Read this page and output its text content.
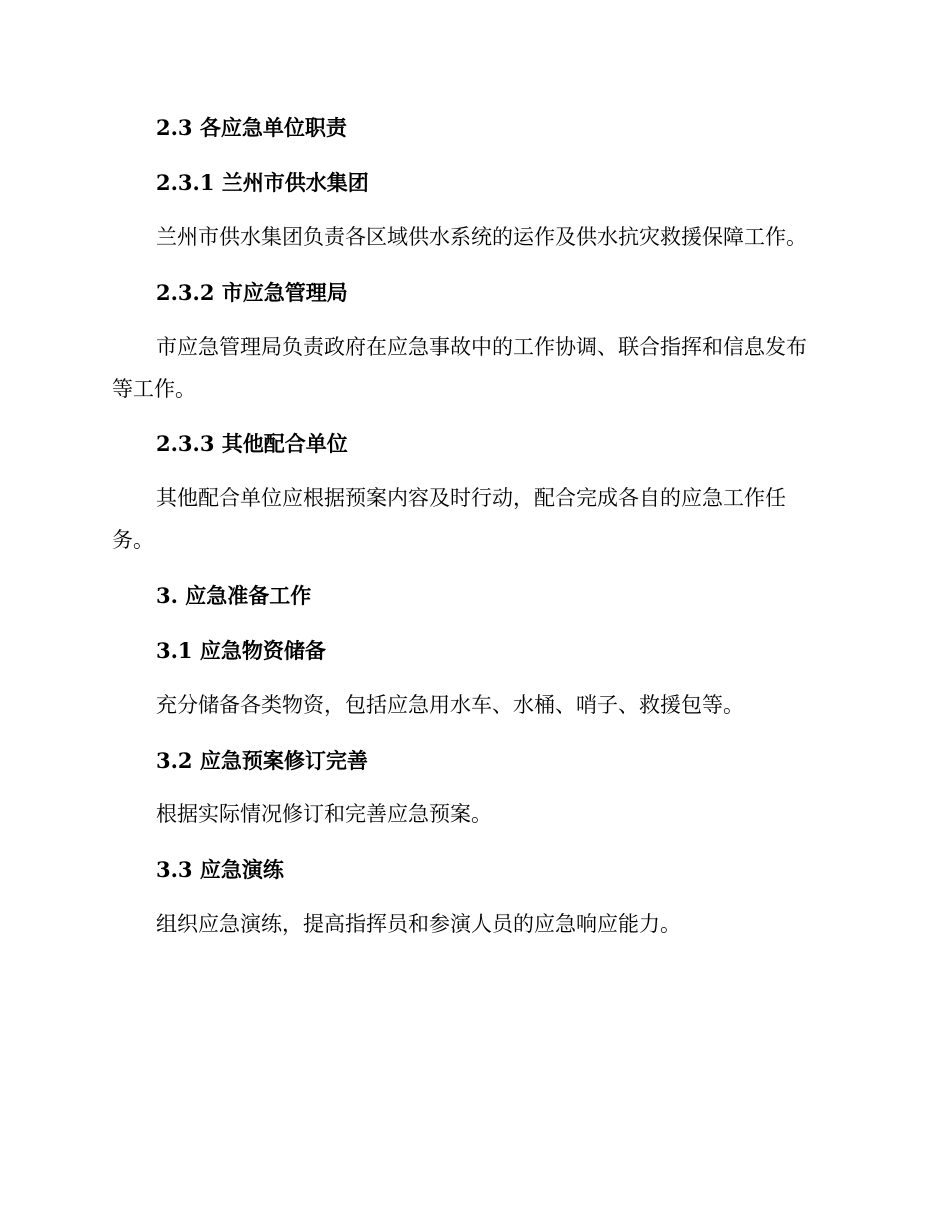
2.3 各应急单位职责
2.3.1 兰州市供水集团
兰州市供水集团负责各区域供水系统的运作及供水抗灾救援保障工作。
2.3.2 市应急管理局
市应急管理局负责政府在应急事故中的工作协调、联合指挥和信息发布
等工作。
2.3.3 其他配合单位
其他配合单位应根据预案内容及时行动，配合完成各自的应急工作任
务。
3. 应急准备工作
3.1 应急物资储备
充分储备各类物资，包括应急用水车、水桶、哨子、救援包等。
3.2 应急预案修订完善
根据实际情况修订和完善应急预案。
3.3 应急演练
组织应急演练，提高指挥员和参演人员的应急响应能力。
